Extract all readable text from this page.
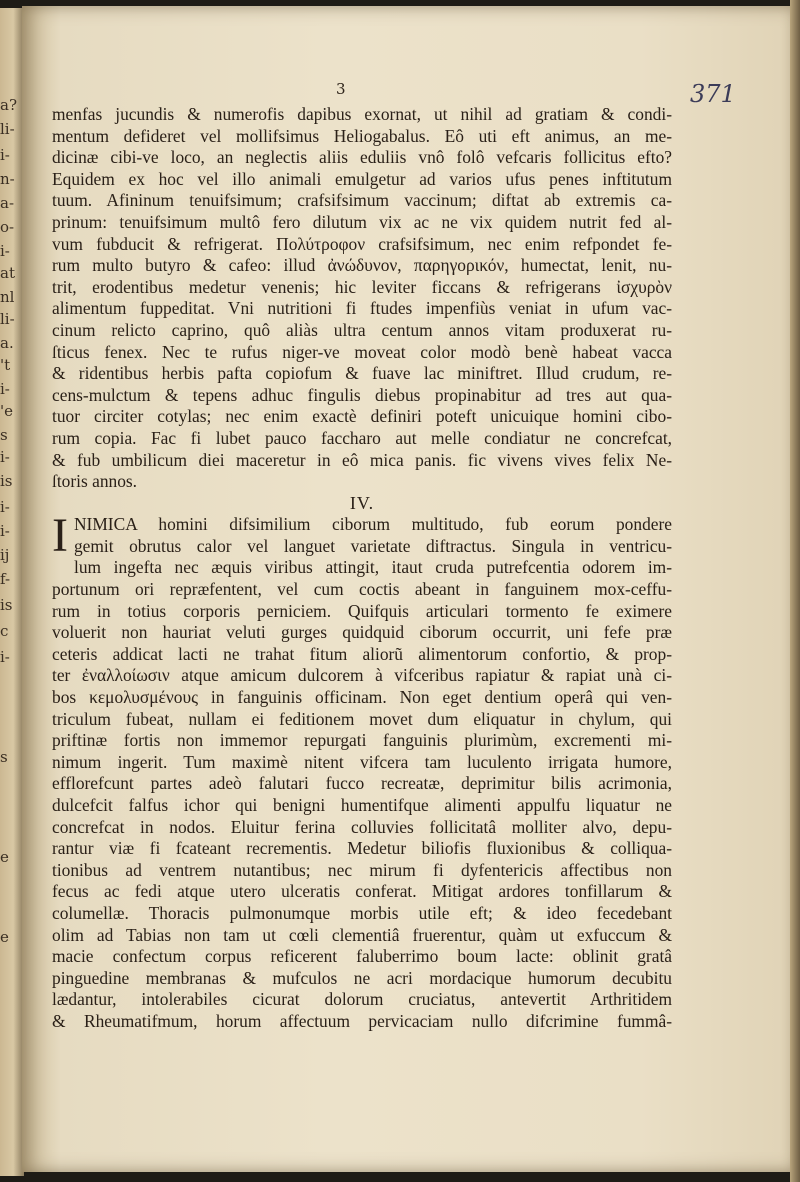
a?
li-
i-
n-
a-
o-
i-
at
nl
li-
a.
't
i-
'e
s
i-
is
i-
i-
ij
f-
is
c
i-
s
e
e
3	371
menfas jucundis & numerofis dapibus exornat, ut nihil ad gratiam & condi-
mentum defideret vel mollifsimus Heliogabalus. Eô uti eft animus, an me-
dicinæ cibi-ve loco, an neglectis aliis eduliis vnô folô vefcaris follicitus efto?
Equidem ex hoc vel illo animali emulgetur ad varios ufus penes inftitutum
tuum. Afininum tenuifsimum; crafsifsimum vaccinum; diftat ab extremis ca-
prinum: tenuifsimum multô fero dilutum vix ac ne vix quidem nutrit fed al-
vum fubducit & refrigerat. Πολύτροφον crafsifsimum, nec enim refpondet fe-
rum multo butyro & cafeo: illud ἀνώδυνον, παρηγορικόν, humectat, lenit, nu-
trit, erodentibus medetur venenis; hic leviter ficcans & refrigerans ἰσχυρὸν
alimentum fuppeditat. Vni nutritioni fi ftudes impenfiùs veniat in ufum vac-
cinum relicto caprino, quô aliàs ultra centum annos vitam produxerat ru-
ſticus fenex. Nec te rufus niger-ve moveat color modò benè habeat vacca
& ridentibus herbis pafta copiofum & fuave lac miniftret. Illud crudum, re-
cens-mulctum & tepens adhuc fingulis diebus propinabitur ad tres aut qua-
tuor circiter cotylas; nec enim exactè definiri poteft unicuique homini cibo-
rum copia. Fac fi lubet pauco faccharo aut melle condiatur ne concrefcat,
& fub umbilicum diei maceretur in eô mica panis. fic vivens vives felix Ne-
ſtoris annos.
IV.
I NIMICA homini difsimilium ciborum multitudo, fub eorum pondere
gemit obrutus calor vel languet varietate diftractus. Singula in ventricu-
lum ingefta nec æquis viribus attingit, itaut cruda putrefcentia odorem im-
portunum ori repræfentent, vel cum coctis abeant in fanguinem mox-ceffu-
rum in totius corporis perniciem. Quifquis articulari tormento fe eximere
voluerit non hauriat veluti gurges quidquid ciborum occurrit, uni fefe præ
ceteris addicat lacti ne trahat fitum aliorũ alimentorum confortio, & prop-
ter ἐναλλοίωσιν atque amicum dulcorem à vifceribus rapiatur & rapiat unà ci-
bos κεμολυσμένους in fanguinis officinam. Non eget dentium operâ qui ven-
triculum fubeat, nullam ei feditionem movet dum eliquatur in chylum, qui
priftinæ fortis non immemor repurgati fanguinis plurimùm, excrementi mi-
nimum ingerit. Tum maximè nitent vifcera tam luculento irrigata humore,
efflorefcunt partes adeò falutari fucco recreatæ, deprimitur bilis acrimonia,
dulcefcit falfus ichor qui benigni humentifque alimenti appulfu liquatur ne
concrefcat in nodos. Eluitur ferina colluvies follicitatâ molliter alvo, depu-
rantur viæ fi fcateant recrementis. Medetur biliofis fluxionibus & colliqua-
tionibus ad ventrem nutantibus; nec mirum fi dyfentericis affectibus non
fecus ac fedi atque utero ulceratis conferat. Mitigat ardores tonfillarum &
columellæ. Thoracis pulmonumque morbis utile eft; & ideo fecedebant
olim ad Tabias non tam ut cœli clementiâ fruerentur, quàm ut exfuccum &
macie confectum corpus reficerent faluberrimo boum lacte: oblinit gratâ
pinguedine membranas & mufculos ne acri mordacique humorum decubitu
lædantur, intolerabiles cicurat dolorum cruciatus, antevertit Arthritidem
& Rheumatifmum, horum affectuum pervicaciam nullo difcrimine fummâ-
